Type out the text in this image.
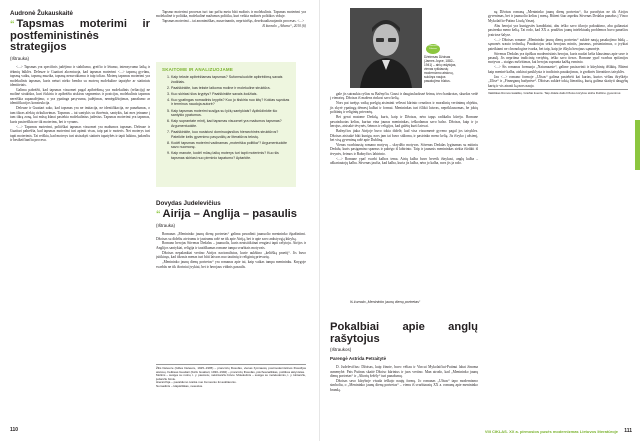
Audronė Žukauskaitė

“ Tapsmas moterimi ir postfeministinės strategijos

(Ištrauka)

<...> Tapsmas yra specifinis judėjimo ir stabilumo, greičio ir lėtumo, intensyvumo laiką ir tėkmių būklės. Deleuze ir Guattari akcentuoja, kad tapsmas moterimi <...> tapsmą gyvūnu, tapsmą vaiku, tapsmą muzika, tapsmą nesuvokiamu ir taip toliau. Moterų tapsmas moterimi yra molekulinis tapsmas, kuris neturi nieko bendra su moterų molekuline tapatybe ar statiniais identitetais.

Galima pabrėžti, kad tapsmas visuomet pagal apibrėžimą yra molekulinis (reliacijų) ne molinė struktūra, kuri išskiria ir apibrėžia atskirus segmentus ir pozicijas, molekulinis tapsmas nereiškia supanašėjimo, o yra ypatinga pasyvuma, judėjimas, nemėgdžiojimas, panašumo ar identifikacijos konstrukcija.

Deleuze ir Guattari sako, kad tapsmas yra ne imitacija, ne identifikacija, ne panašumas, o tam tikras afektų cirkuliavimas. Tapsmas – tai santykis su išorėmis, santykis, kai mes įeiname į tam tikrą zoną, kai mūsų kūnai pasiekia molekulinius judesius. Tapsmas moterimi yra tapsmas, kuris pasireiškia ne tik moterims, bet ir vyrams.

<...> Tapsmas moterimi, politiškai tapsmas visuomet yra mažumos tapsmas. Deleuze ir Guattari pabrėžia, kad tapsmas moterimi turi apimti visus, taip pat ir moteris. Net moterys turi tapti moterimis. Tai reiškia, kad moterys turi atsisakyti statinės tapatybės ir tapti laikinu, judančiu ir besikeičiančiu procesu.

Tapsmo moterimi procesas turi tuo pačiu metu būti molinis ir molekulinis. Tapsmas moterimi yra molekulinė ir politika, molekulinė mažumos politika, kuri veikia molinės politikos viduje.

Tapsmas moterimi – tai anonimiškas, nusavinantis, neprisirišęs, deseksualizuojantis procesas. <...>

Iš žurnalo „Athena“, 2010 (6)

SKAITOME IR ANALIZUOJAME

1. Kaip tekste apibrėžiamas tapsmas? Suformuluokite apibrėžimą savais žodžiais.
2. Paaiškinkite, kas tekste laikoma moline ir molekuline struktūra.
3. Kuo skiriasi šios kryptys? Paaiškinkite savais žodžiais.
4. Kuo ypatingas nomadinis kryptis? Kuo jo išskiria nuo kitų? Kokias sąvokas ir terminus naudoja autorė?
5. Kaip tapsmas moterimi susijęs su lyčių santykiais? Apibūdinkite šio santykio ypatumus.
6. Kaip suprantate mintį, kad tapsmas visuomet yra mažumos tapsmas? Argumentuokite.
7. Paaiškinkite, kuo nusistovi dominuojančios hierarchinės struktūros? Pateikite kelis gyvenimo pavyzdžių ar literatūros tekstų.
8. Kodėl tapsmas moterimi vadinamas „moteriška politika“? Argumentuokite savo nuomonę.
9. Kaip manote, kodėl mūsų laikų moterys turi tapti moterimis? Kuo šis tapsmas skiriasi nuo pirminio tapatumo? Aptarkite.

Dovydas Judelevičius

“ Airija – Anglija – pasaulis

(Ištrauka)

Romanas „Menininko jaunų dienų portretas“ galima pavadinti jaunuolio menininko išpažintimi. Džoisas su dideliu atvirumu ir jautrumu rašė ne tik apie Airiją, bet ir apie savo ankstyvąją kūrybą.

Romano herojus Stivenas Dedalas – jaunuolis, kuris neatsitiktinai rengiasi tapti rašytoju. Airijos ir Anglijos santykiai, religija ir tautiškumas romane tampa svarbiais motyvais.

Džoisas nepalankiai vertino Airijos nacionalistus, kurie aukštino „keltišką praeitį“. Jis buvo įsitikinęs, kad tikrasis menas turi būti laisvas nuo tautinių ir religinių prievartų.

„Menininko jaunų dienų portretas“ yra romanas apie tai, kaip vaikas tampa menininku. Knygoje svarbūs ne tik išoriniai įvykiai, bet ir herojaus vidinis pasaulis.

Žilis Deleuze (Gilles Deleuze, 1925–1995) – prancūzų filosofas, vienas žymiausių postmodernistinės filosofijos atstovų. Feliksas Guattari (Félix Guattari, 1930–1992) – prancūzų filosofas, psichoanalitikas, politikos aktyvistas.
Molinis – susijęs su moliu, t. y. pastoviu, nekintančiu būviu. Molekulinis – susijęs su molekulėmis, t. y. kintančiu, judančiu būviu.
Hierarchija – pavaldumo tvarka nuo žemesnio iki aukštesnio.
Nomadinis – klajokliškas, nesėslus.
110

gale jis sutraukia ryšius su Bažnyčia. Gausi ir daugiasluoksnė šeima, tėvo bankrotas, skurdas vedė į vienatvę. Džoisas iš mažens rinkosi savo kelią.

Nors pat turėjęs vaikų poelgių atsiminti vėlesni kūrinio cenzūros ir moralinių vertinimų objektu, jis skyrė ypatingą dėmesį kalbai ir formai. Menininkas turi išlikti laisvas, nepriklausomas, be jokių politinių ir religinių prievartų.

Bet gerai matome Dedalą, kuris, kaip ir Džoisas, nėra tapęs radikaliu kūrėju. Romane pavaizduotas kelias, kuriuo eina jaunas menininkas, ieškodamas savo balso. Džoisas, kaip ir jo herojus, atsisakė tėvynės, šeimos ir religijos, kad galėtų kurti laisvai.

Bažnyčios įtaka Airijoje buvo tokia didelė, kad visa visuomenė gyveno pagal jos taisykles. Džoisas atsisakė būti kunigu, nors jam tai buvo siūloma, ir pasirinko meno kelią. Jis išvyko į užsienį, bet visą gyvenimą rašė apie Dubliną.

Vienas svarbiausių romano motyvų – skrydžio motyvas. Stivenas Dedalas lyginamas su mitiniu Dedalu, kuris pasigamino sparnus ir pabėgo iš labirinto. Taip ir jaunasis menininkas siekia ištrūkti iš tėvynės, šeimos ir Bažnyčios labirinto.

<...> Romane ypač svarbi kalbos tema. Airių kalba buvo beveik išnykusi, anglų kalba – užkariautojų kalba. Stivenas jaučia, kad kalba, kuria jis kalba, nėra jo kalba, nors jis ja rašo.

Iš žurnalo „Menininko jaunų dienų portretas“
Pokalbiai apie anglų rašytojus

(Ištraukos)

Parengė Astrida Petraitytė

D. Judelevičius: Džoisas, kaip žinote, buvo vėliau ir Vincui Mykolaičiui-Putinui labai žinoma asmenybė. Pats Putinas skaitė Džoiso kūrinius ir juos vertino. Man atrodo, kad „Menininko jaunų dienų portretas“ ir „Altorių šešėly“ turi panašumų.

Džoisas savo kūryboje visada ieškojo naujų formų. Jo romanas „Ulisas“ tapo modernizmo simboliu, o „Menininko jaunų dienų portretas“ – vienu iš svarbiausių XX a. romanų apie menininko brandą.

ną Džoisas romaną „Menininko jaunų dienų portretas“, čia parodytas ne tik Airijos gyvenimas, bet ir jaunuolio kelias į meną. Būtent šiuo aspektu Stivenas Dedalas panašus į Vinco Mykolaičio-Putino Liudą Vasarį.

Abu herojai yra kunigystės kandidatai, abu ieško savo tikrojo pašaukimo, abu galiausiai pasirenka meno kelią. Tai rodo, kad XX a. pradžios jaunų intelektualų problemos buvo panašios įvairiose šalyse.

<...> Džoisas romane „Menininko jaunų dienų portretas“ sukūrė naują pasakojimo būdą – sąmonės srauto techniką. Pasakotojas seka herojaus mintis, jausmus, prisiminimus, o įvykiai pateikiami ne chronologine tvarka, bet taip, kaip jie iškyla herojaus sąmonėje.

Stivenas Dedalas yra tipiškas modernistinis herojus, kuris nuolat kelia klausimus apie save ir pasaulį. Jis nepriima tradicinių vertybių, ieško savo tiesos. Romane ypač svarbus epifanijos motyvas – staigus nušvitimas, kai herojus supranta kažką esminio.

<...> Šis romanas formuoja „Naturnaaste“, galime pasisavinti ir kūrybinių iššūkių. Būtent kaip meninė kalba, atskirai pasiklysta ir tradicinis pasakojimas, ir grožinės literatūros taisyklės.

Jau <...> romano formoje „Ulisas“ galima pastebėti kai kurias, kurios vėliau išryškėjo „Ulise“ ir „Finneganų budynėse“. Džoisas sukūrė tokią literatūrą, kurią galima skaityti daugybę kartų ir vis atrasti ką nors naujo.

Vaikiškas Romos katalikų. Gražiai šventė. Taip didelė dalis Džoiso kūrybos skirta Dublino gyvenimui.

VIII CIKLAS. XX a. pirmosios pusės modernizmas Lietuvos literatūroje 111
Džeimsas Džoisas
Džeimsas Džoisas (James Joyce, 1882–1941) – airių rašytojas, vienas ryškiausių modernizmo atstovų, sukūręs naujus pasakojimo būdus.
